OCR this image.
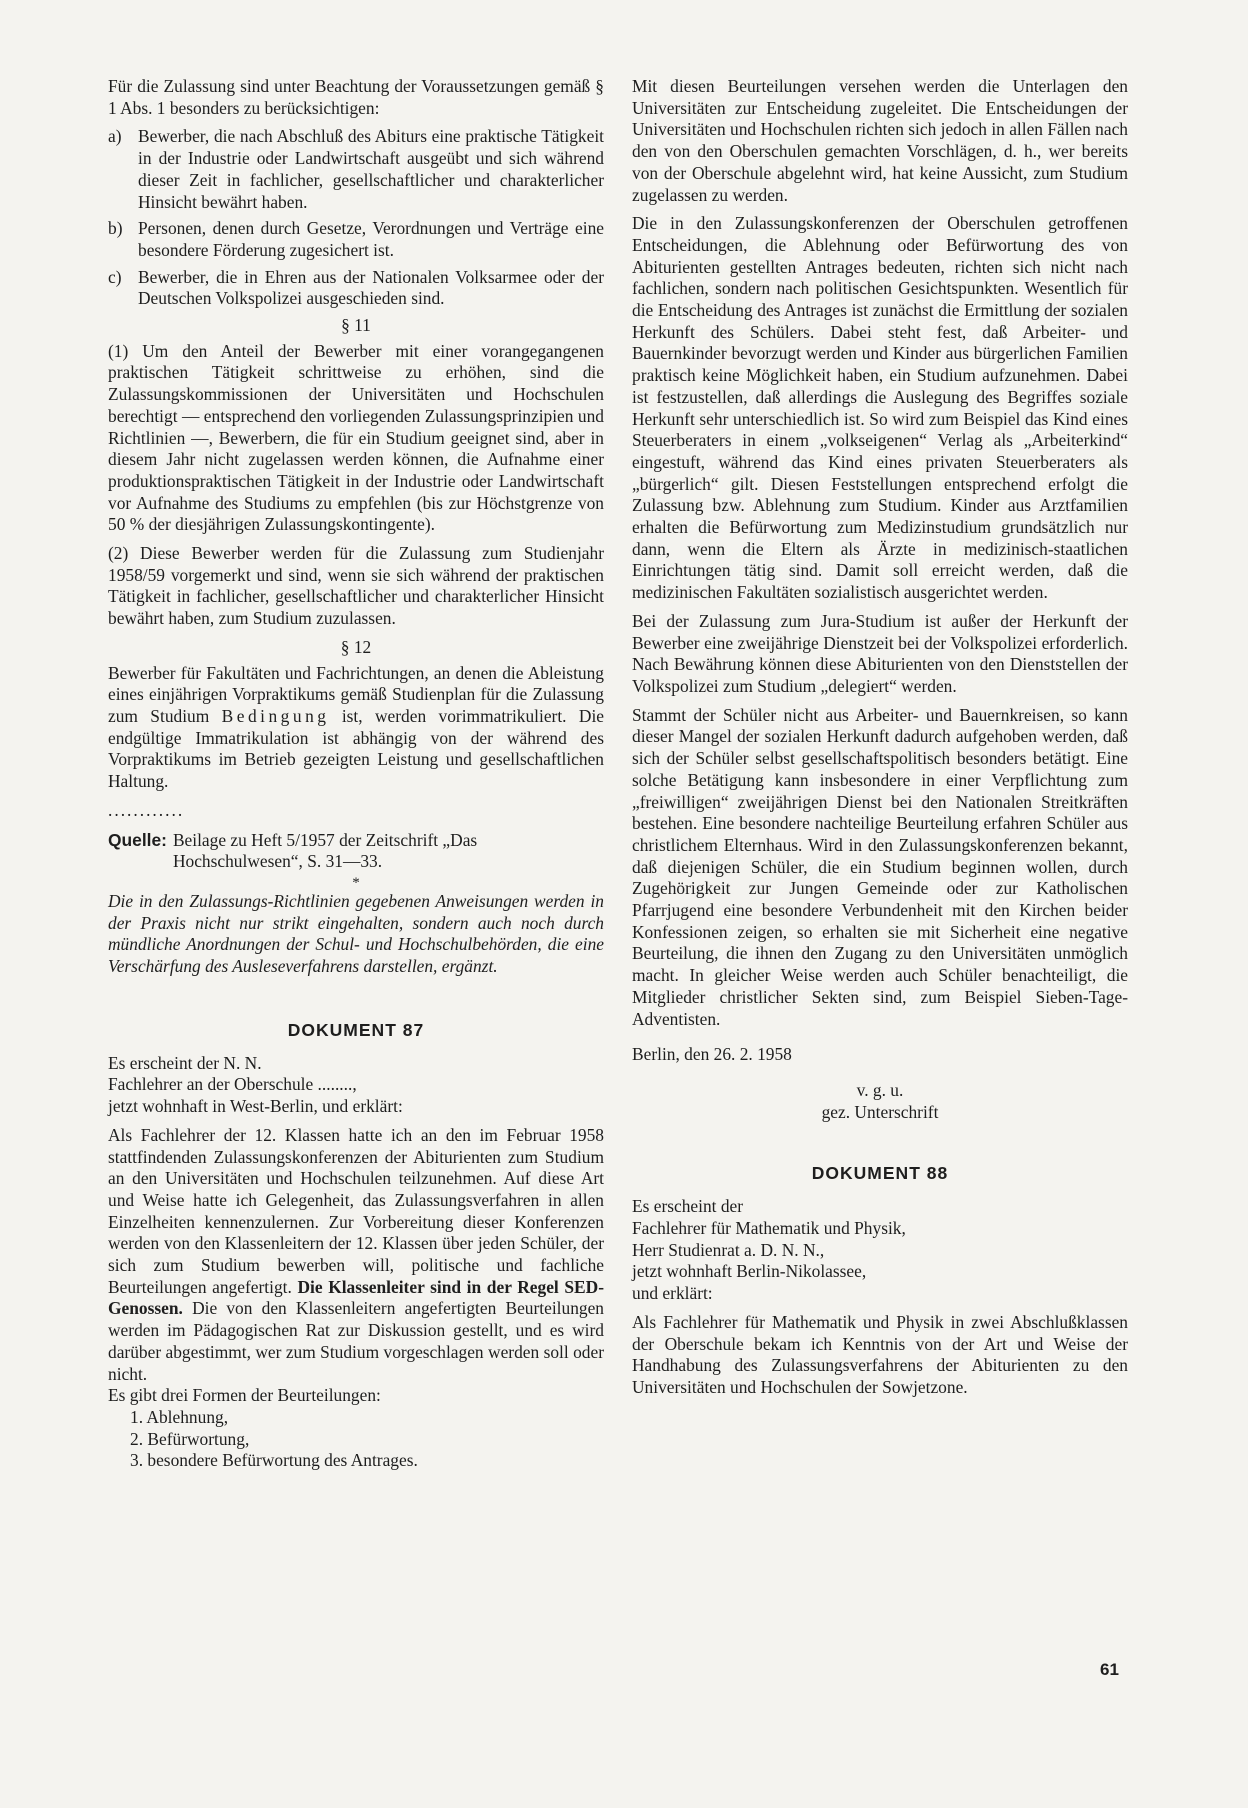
Für die Zulassung sind unter Beachtung der Voraussetzungen gemäß § 1 Abs. 1 besonders zu berücksichtigen:

a) Bewerber, die nach Abschluß des Abiturs eine praktische Tätigkeit in der Industrie oder Landwirtschaft ausgeübt und sich während dieser Zeit in fachlicher, gesellschaftlicher und charakterlicher Hinsicht bewährt haben.
b) Personen, denen durch Gesetze, Verordnungen und Verträge eine besondere Förderung zugesichert ist.
c) Bewerber, die in Ehren aus der Nationalen Volksarmee oder der Deutschen Volkspolizei ausgeschieden sind.
§ 11

(1) Um den Anteil der Bewerber mit einer vorangegangenen praktischen Tätigkeit schrittweise zu erhöhen, sind die Zulassungskommissionen der Universitäten und Hochschulen berechtigt — entsprechend den vorliegenden Zulassungsprinzipien und Richtlinien —, Bewerbern, die für ein Studium geeignet sind, aber in diesem Jahr nicht zugelassen werden können, die Aufnahme einer produktionspraktischen Tätigkeit in der Industrie oder Landwirtschaft vor Aufnahme des Studiums zu empfehlen (bis zur Höchstgrenze von 50 % der diesjährigen Zulassungskontingente).

(2) Diese Bewerber werden für die Zulassung zum Studienjahr 1958/59 vorgemerkt und sind, wenn sie sich während der praktischen Tätigkeit in fachlicher, gesellschaftlicher und charakterlicher Hinsicht bewährt haben, zum Studium zuzulassen.

§ 12

Bewerber für Fakultäten und Fachrichtungen, an denen die Ableistung eines einjährigen Vorpraktikums gemäß Studienplan für die Zulassung zum Studium Bedingung ist, werden vorimmatrikuliert. Die endgültige Immatrikulation ist abhängig von der während des Vorpraktikums im Betrieb gezeigten Leistung und gesellschaftlichen Haltung.

............
Quelle: Beilage zu Heft 5/1957 der Zeitschrift „Das Hochschulwesen“, S. 31—33.
*

Die in den Zulassungs-Richtlinien gegebenen Anweisungen werden in der Praxis nicht nur strikt eingehalten, sondern auch noch durch mündliche Anordnungen der Schul- und Hochschulbehörden, die eine Verschärfung des Ausleseverfahrens darstellen, ergänzt.

DOKUMENT 87
Es erscheint der N. N.
Fachlehrer an der Oberschule ........,
jetzt wohnhaft in West-Berlin, und erklärt:

Als Fachlehrer der 12. Klassen hatte ich an den im Februar 1958 stattfindenden Zulassungskonferenzen der Abiturienten zum Studium an den Universitäten und Hochschulen teilzunehmen. Auf diese Art und Weise hatte ich Gelegenheit, das Zulassungsverfahren in allen Einzelheiten kennenzulernen. Zur Vorbereitung dieser Konferenzen werden von den Klassenleitern der 12. Klassen über jeden Schüler, der sich zum Studium bewerben will, politische und fachliche Beurteilungen angefertigt. Die Klassenleiter sind in der Regel SED-Genossen. Die von den Klassenleitern angefertigten Beurteilungen werden im Pädagogischen Rat zur Diskussion gestellt, und es wird darüber abgestimmt, wer zum Studium vorgeschlagen werden soll oder nicht.

Es gibt drei Formen der Beurteilungen:

1. Ablehnung,
2. Befürwortung,
3. besondere Befürwortung des Antrages.

Mit diesen Beurteilungen versehen werden die Unterlagen den Universitäten zur Entscheidung zugeleitet. Die Entscheidungen der Universitäten und Hochschulen richten sich jedoch in allen Fällen nach den von den Oberschulen gemachten Vorschlägen, d. h., wer bereits von der Oberschule abgelehnt wird, hat keine Aussicht, zum Studium zugelassen zu werden.

Die in den Zulassungskonferenzen der Oberschulen getroffenen Entscheidungen, die Ablehnung oder Befürwortung des von Abiturienten gestellten Antrages bedeuten, richten sich nicht nach fachlichen, sondern nach politischen Gesichtspunkten. Wesentlich für die Entscheidung des Antrages ist zunächst die Ermittlung der sozialen Herkunft des Schülers. Dabei steht fest, daß Arbeiter- und Bauernkinder bevorzugt werden und Kinder aus bürgerlichen Familien praktisch keine Möglichkeit haben, ein Studium aufzunehmen. Dabei ist festzustellen, daß allerdings die Auslegung des Begriffes soziale Herkunft sehr unterschiedlich ist. So wird zum Beispiel das Kind eines Steuerberaters in einem „volkseigenen“ Verlag als „Arbeiterkind“ eingestuft, während das Kind eines privaten Steuerberaters als „bürgerlich“ gilt. Diesen Feststellungen entsprechend erfolgt die Zulassung bzw. Ablehnung zum Studium. Kinder aus Arztfamilien erhalten die Befürwortung zum Medizinstudium grundsätzlich nur dann, wenn die Eltern als Ärzte in medizinisch-staatlichen Einrichtungen tätig sind. Damit soll erreicht werden, daß die medizinischen Fakultäten sozialistisch ausgerichtet werden.

Bei der Zulassung zum Jura-Studium ist außer der Herkunft der Bewerber eine zweijährige Dienstzeit bei der Volkspolizei erforderlich. Nach Bewährung können diese Abiturienten von den Dienststellen der Volkspolizei zum Studium „delegiert“ werden.

Stammt der Schüler nicht aus Arbeiter- und Bauernkreisen, so kann dieser Mangel der sozialen Herkunft dadurch aufgehoben werden, daß sich der Schüler selbst gesellschaftspolitisch besonders betätigt. Eine solche Betätigung kann insbesondere in einer Verpflichtung zum „freiwilligen“ zweijährigen Dienst bei den Nationalen Streitkräften bestehen. Eine besondere nachteilige Beurteilung erfahren Schüler aus christlichem Elternhaus. Wird in den Zulassungskonferenzen bekannt, daß diejenigen Schüler, die ein Studium beginnen wollen, durch Zugehörigkeit zur Jungen Gemeinde oder zur Katholischen Pfarrjugend eine besondere Verbundenheit mit den Kirchen beider Konfessionen zeigen, so erhalten sie mit Sicherheit eine negative Beurteilung, die ihnen den Zugang zu den Universitäten unmöglich macht. In gleicher Weise werden auch Schüler benachteiligt, die Mitglieder christlicher Sekten sind, zum Beispiel Sieben-Tage-Adventisten.

Berlin, den 26. 2. 1958
v. g. u.
gez. Unterschrift
DOKUMENT 88
Es erscheint der
Fachlehrer für Mathematik und Physik,
Herr Studienrat a. D. N. N.,
jetzt wohnhaft Berlin-Nikolassee,
und erklärt:

Als Fachlehrer für Mathematik und Physik in zwei Abschlußklassen der Oberschule bekam ich Kenntnis von der Art und Weise der Handhabung des Zulassungsverfahrens der Abiturienten zu den Universitäten und Hochschulen der Sowjetzone.

61
